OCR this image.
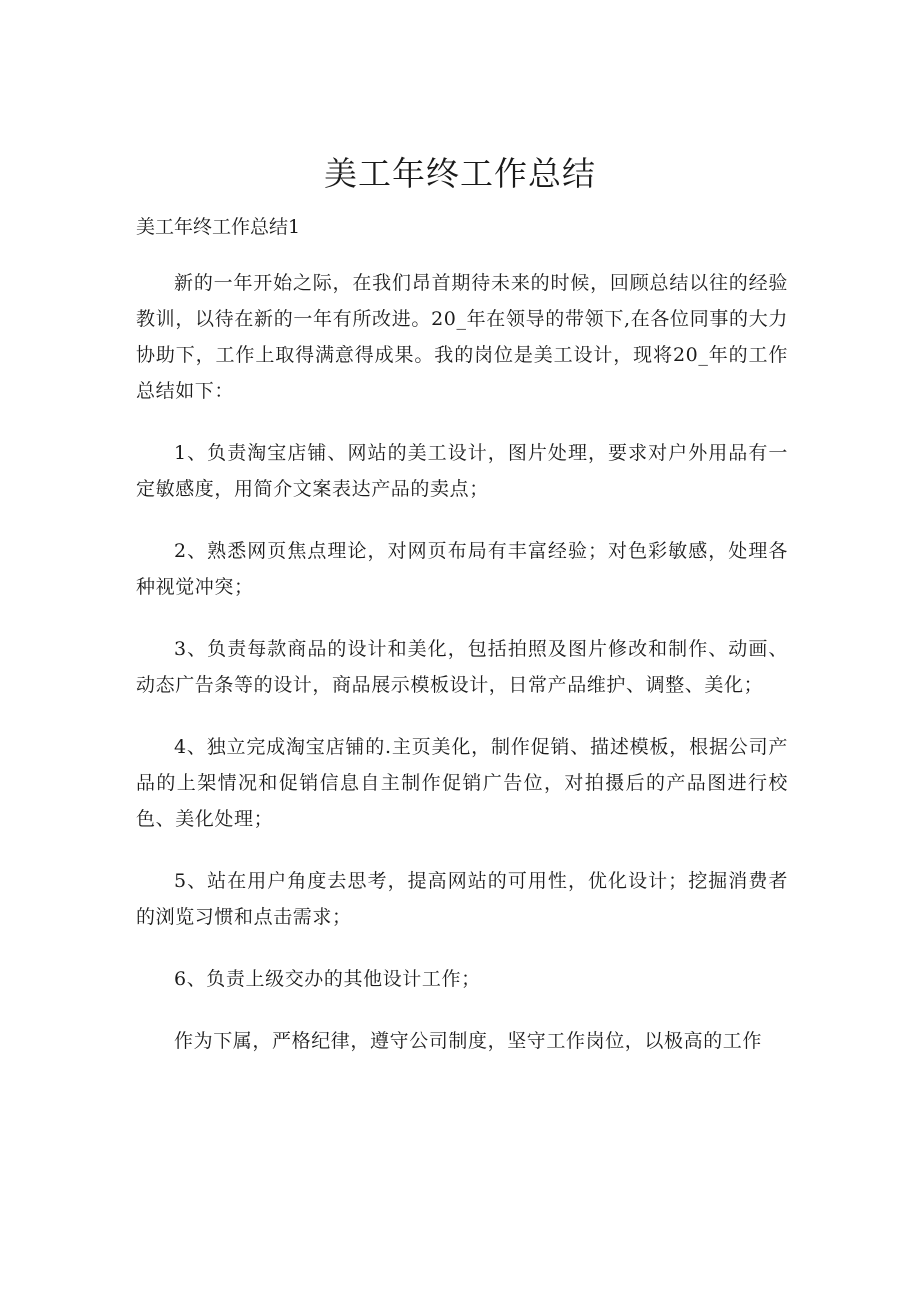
美工年终工作总结
美工年终工作总结1

新的一年开始之际，在我们昂首期待未来的时候，回顾总结以往的经验教训，以待在新的一年有所改进。20_年在领导的带领下,在各位同事的大力协助下，工作上取得满意得成果。我的岗位是美工设计，现将20_年的工作总结如下：

1、负责淘宝店铺、网站的美工设计，图片处理，要求对户外用品有一定敏感度，用简介文案表达产品的卖点；

2、熟悉网页焦点理论，对网页布局有丰富经验；对色彩敏感，处理各种视觉冲突；

3、负责每款商品的设计和美化，包括拍照及图片修改和制作、动画、动态广告条等的设计，商品展示模板设计，日常产品维护、调整、美化；

4、独立完成淘宝店铺的.主页美化，制作促销、描述模板，根据公司产品的上架情况和促销信息自主制作促销广告位，对拍摄后的产品图进行校色、美化处理；

5、站在用户角度去思考，提高网站的可用性，优化设计；挖掘消费者的浏览习惯和点击需求；

6、负责上级交办的其他设计工作；

作为下属，严格纪律，遵守公司制度，坚守工作岗位，以极高的工作
